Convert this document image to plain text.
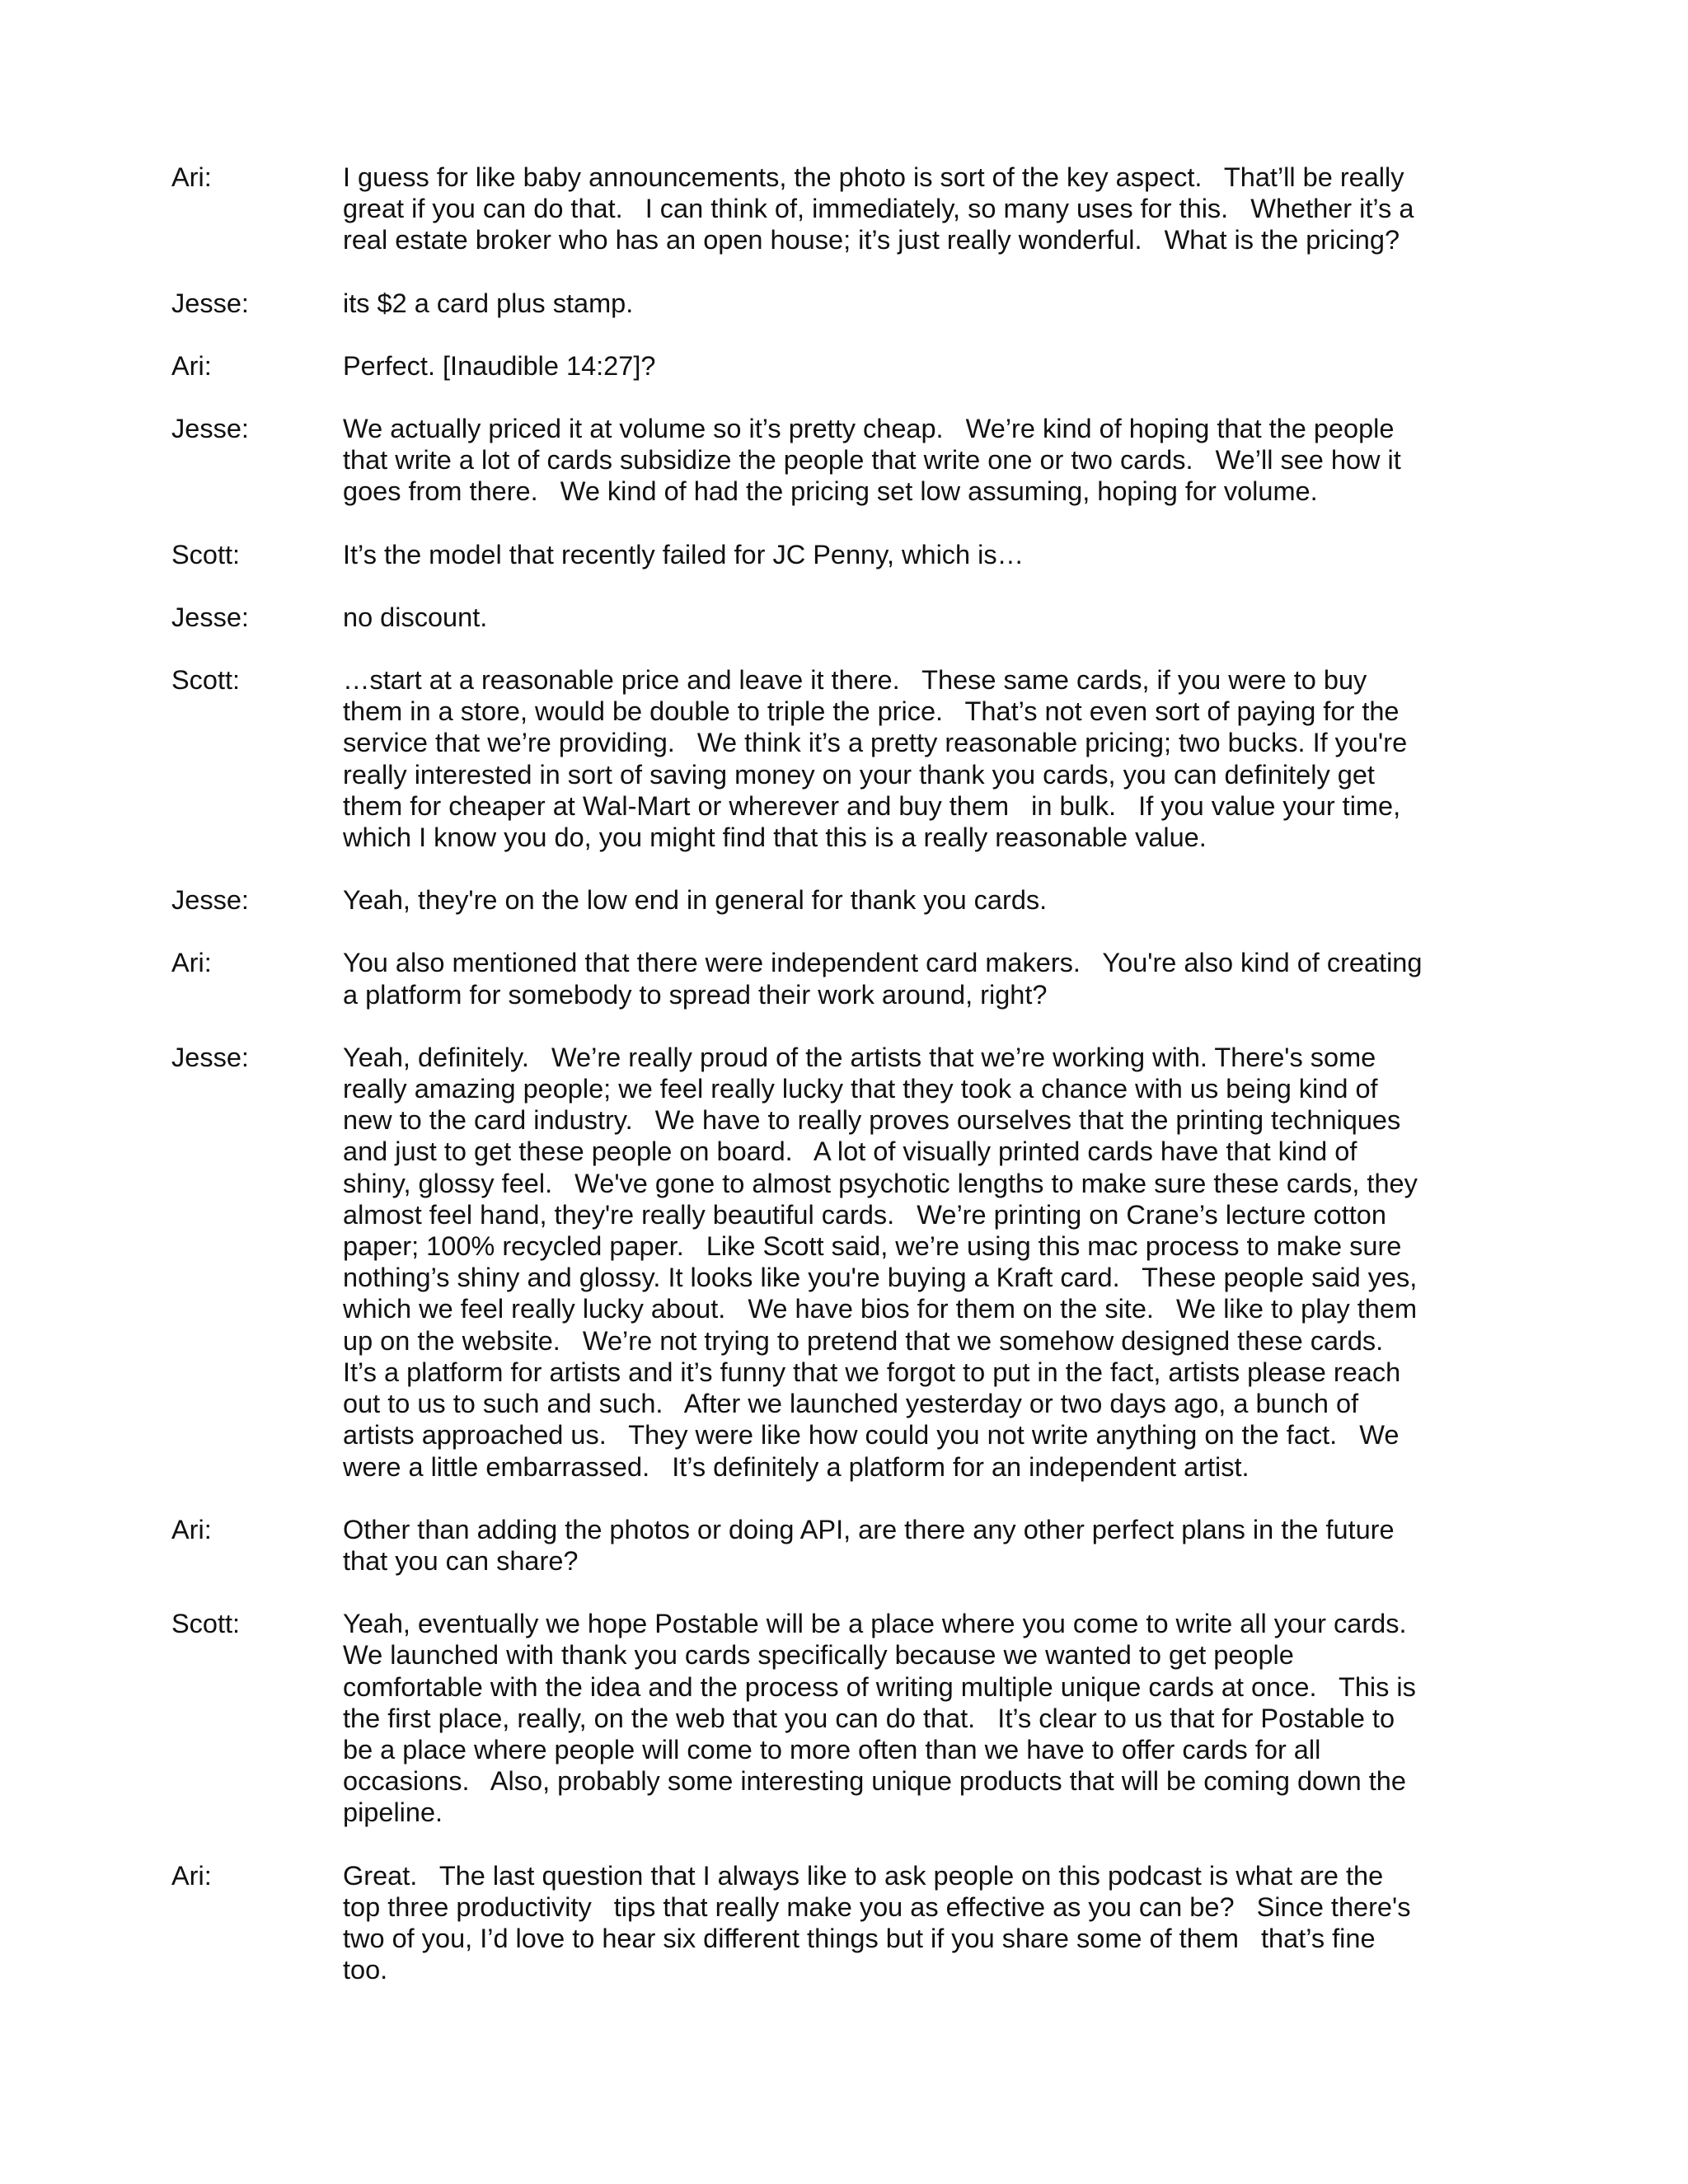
Ari:	I guess for like baby announcements, the photo is sort of the key aspect.   That’ll be really great if you can do that.   I can think of, immediately, so many uses for this.   Whether it’s a real estate broker who has an open house; it’s just really wonderful.   What is the pricing?
Jesse:	its $2 a card plus stamp.
Ari:	Perfect. [Inaudible 14:27]?
Jesse:	We actually priced it at volume so it’s pretty cheap.   We’re kind of hoping that the people that write a lot of cards subsidize the people that write one or two cards.   We’ll see how it goes from there.   We kind of had the pricing set low assuming, hoping for volume.
Scott:	It’s the model that recently failed for JC Penny, which is…
Jesse:	no discount.
Scott:	…start at a reasonable price and leave it there.   These same cards, if you were to buy them in a store, would be double to triple the price.   That’s not even sort of paying for the service that we’re providing.   We think it’s a pretty reasonable pricing; two bucks. If you're really interested in sort of saving money on your thank you cards, you can definitely get them for cheaper at Wal-Mart or wherever and buy them   in bulk.   If you value your time, which I know you do, you might find that this is a really reasonable value.
Jesse:	Yeah, they're on the low end in general for thank you cards.
Ari:	You also mentioned that there were independent card makers.   You're also kind of creating a platform for somebody to spread their work around, right?
Jesse:	Yeah, definitely.   We’re really proud of the artists that we’re working with. There's some really amazing people; we feel really lucky that they took a chance with us being kind of new to the card industry.   We have to really proves ourselves that the printing techniques and just to get these people on board.   A lot of visually printed cards have that kind of shiny, glossy feel.   We've gone to almost psychotic lengths to make sure these cards, they almost feel hand, they're really beautiful cards.   We’re printing on Crane’s lecture cotton paper; 100% recycled paper.   Like Scott said, we’re using this mac process to make sure nothing’s shiny and glossy. It looks like you're buying a Kraft card.   These people said yes, which we feel really lucky about.   We have bios for them on the site.   We like to play them up on the website.   We’re not trying to pretend that we somehow designed these cards. It’s a platform for artists and it’s funny that we forgot to put in the fact, artists please reach out to us to such and such.   After we launched yesterday or two days ago, a bunch of artists approached us.   They were like how could you not write anything on the fact.   We were a little embarrassed.   It’s definitely a platform for an independent artist.
Ari:	Other than adding the photos or doing API, are there any other perfect plans in the future that you can share?
Scott:	Yeah, eventually we hope Postable will be a place where you come to write all your cards. We launched with thank you cards specifically because we wanted to get people comfortable with the idea and the process of writing multiple unique cards at once.   This is the first place, really, on the web that you can do that.   It’s clear to us that for Postable to be a place where people will come to more often than we have to offer cards for all occasions.   Also, probably some interesting unique products that will be coming down the pipeline.
Ari:	Great.   The last question that I always like to ask people on this podcast is what are the top three productivity   tips that really make you as effective as you can be?   Since there's two of you, I’d love to hear six different things but if you share some of them   that’s fine too.
